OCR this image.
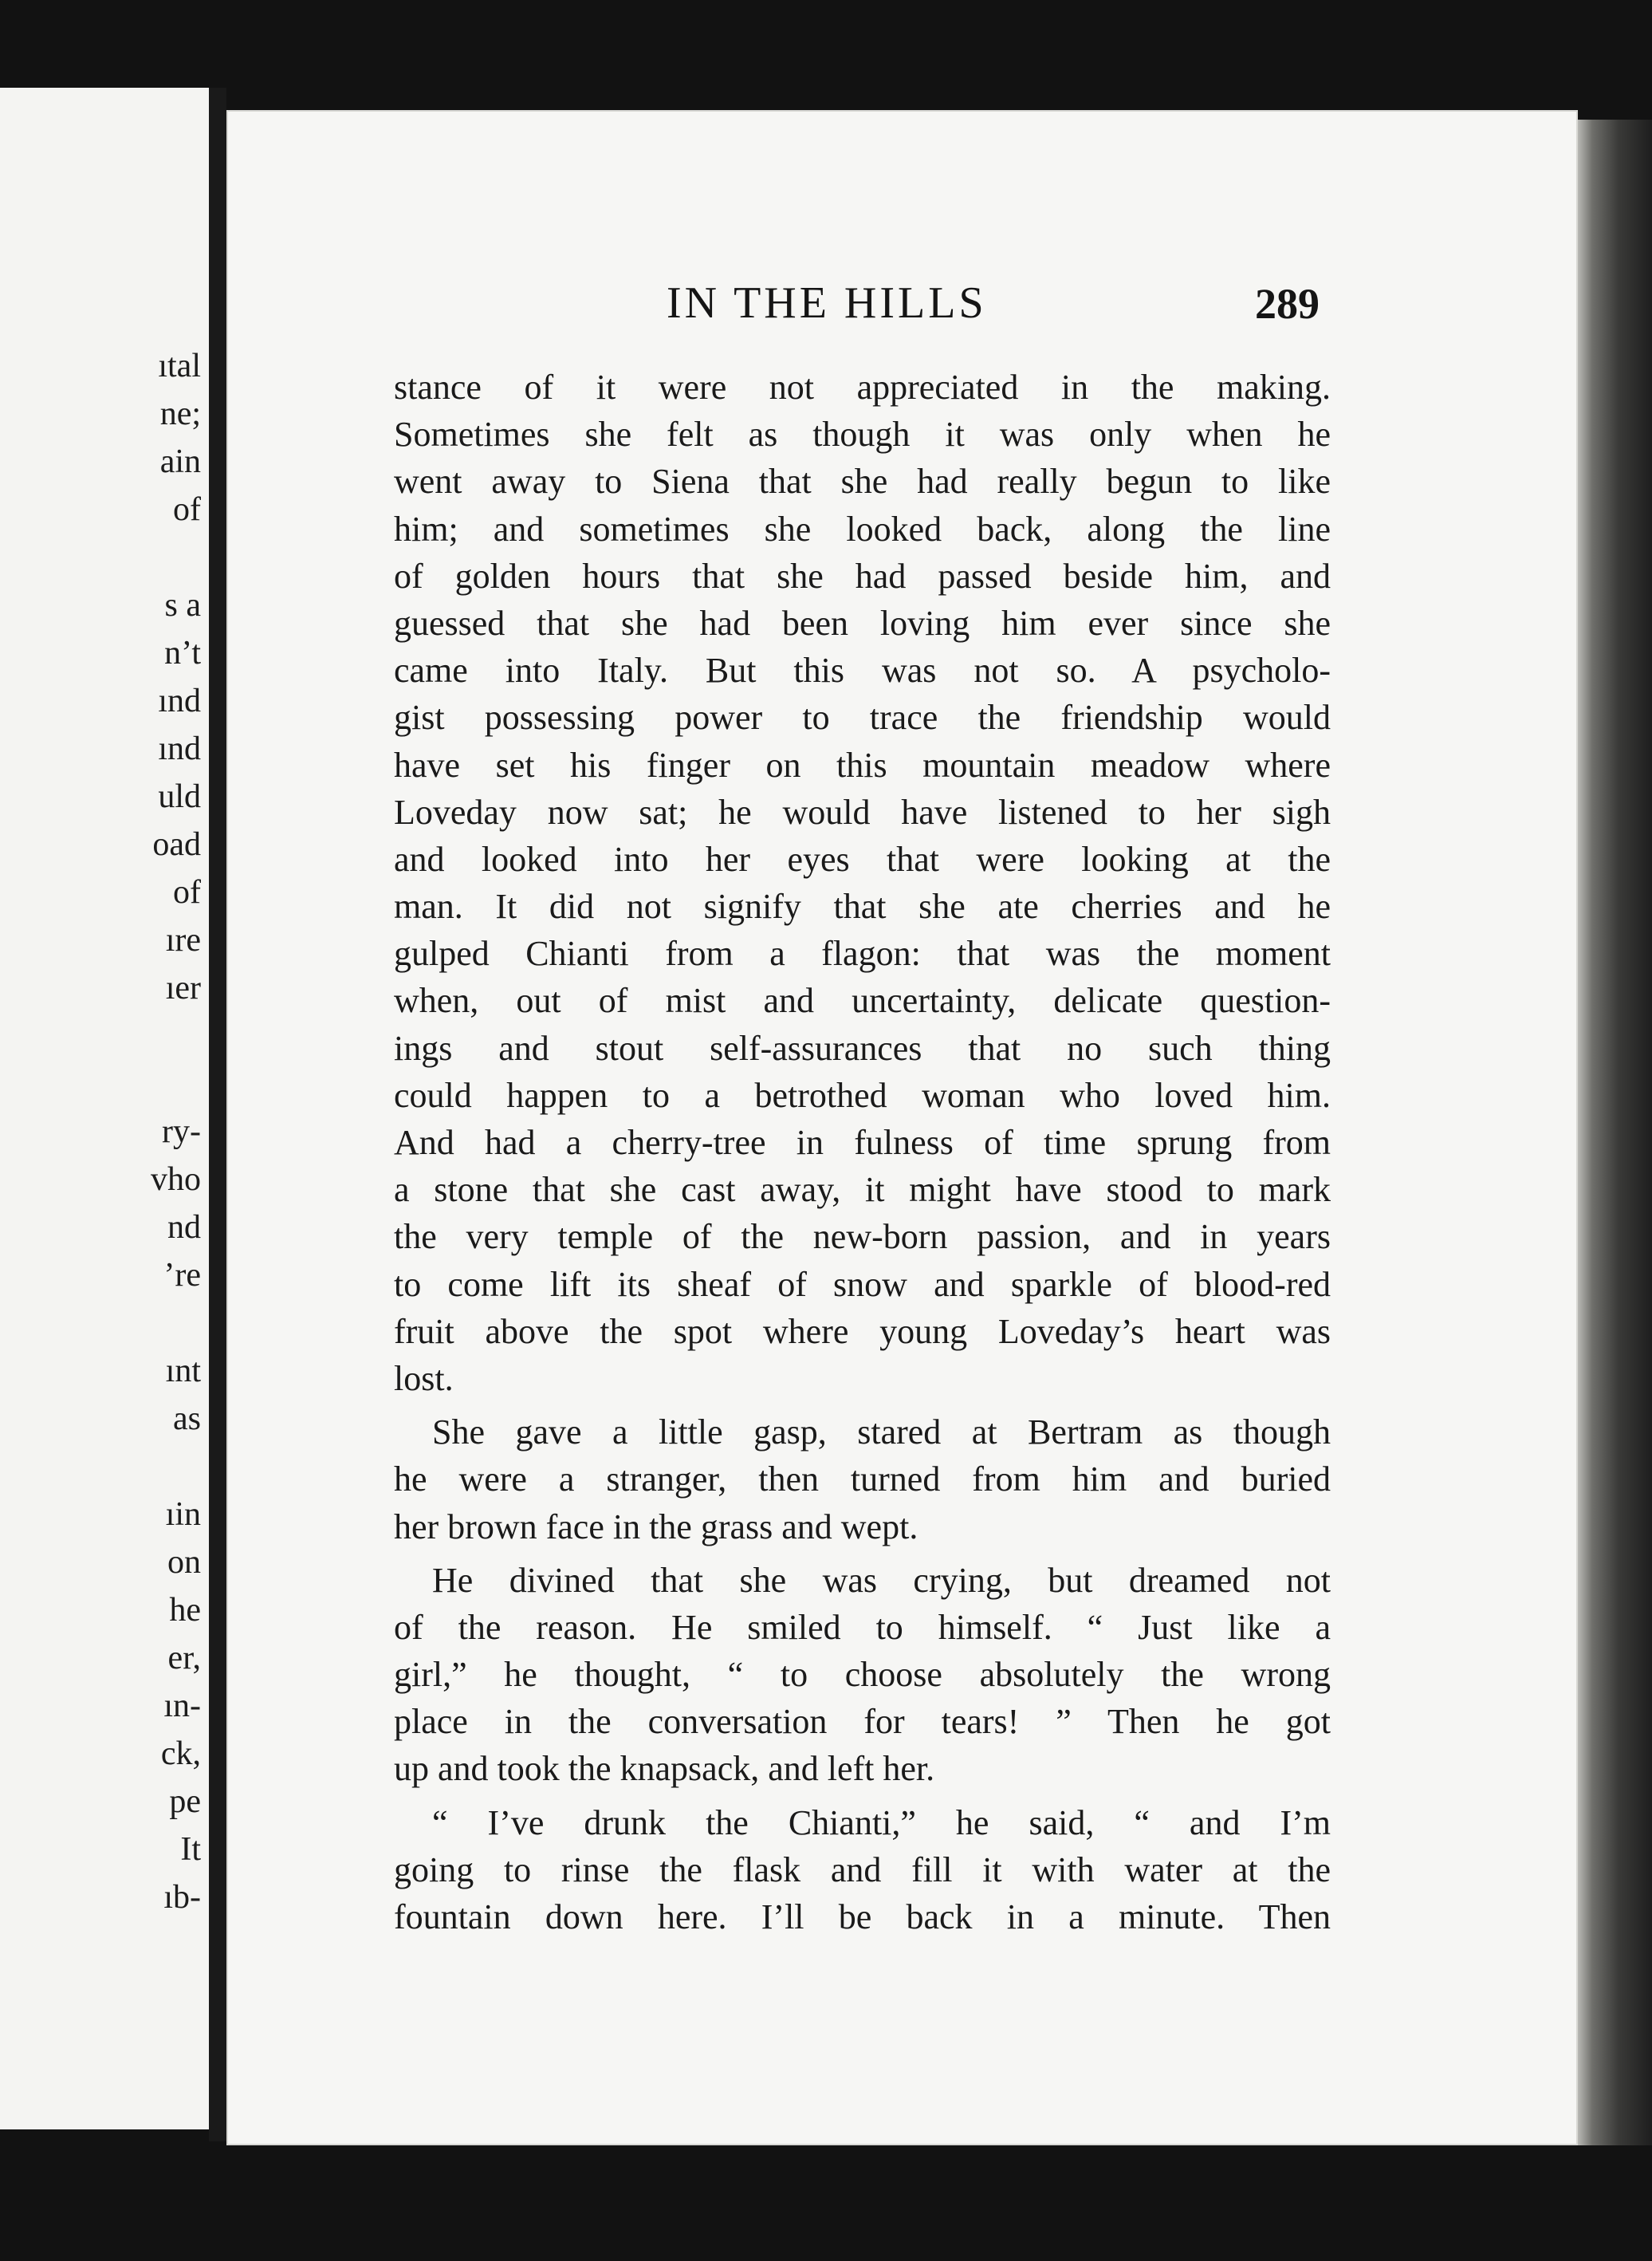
ıtal
ne;
ain
of
s a
n’t
ınd
ınd
uld
oad
of
ıre
ıer
ry-
vho
nd
’re
ınt
as
ıin
on
he
er,
ın-
ck,
pe
It
ıb-
IN THE HILLS	289
stance of it were not appreciated in the making.
Sometimes she felt as though it was only when he
went away to Siena that she had really begun to like
him; and sometimes she looked back, along the line
of golden hours that she had passed beside him, and
guessed that she had been loving him ever since she
came into Italy. But this was not so. A psycholo-
gist possessing power to trace the friendship would
have set his finger on this mountain meadow where
Loveday now sat; he would have listened to her sigh
and looked into her eyes that were looking at the
man. It did not signify that she ate cherries and he
gulped Chianti from a flagon: that was the moment
when, out of mist and uncertainty, delicate question-
ings and stout self-assurances that no such thing
could happen to a betrothed woman who loved him.
And had a cherry-tree in fulness of time sprung from
a stone that she cast away, it might have stood to mark
the very temple of the new-born passion, and in years
to come lift its sheaf of snow and sparkle of blood-red
fruit above the spot where young Loveday’s heart was
lost.
She gave a little gasp, stared at Bertram as though
he were a stranger, then turned from him and buried
her brown face in the grass and wept.
He divined that she was crying, but dreamed not
of the reason. He smiled to himself. “ Just like a
girl,” he thought, “ to choose absolutely the wrong
place in the conversation for tears! ” Then he got
up and took the knapsack, and left her.
“ I’ve drunk the Chianti,” he said, “ and I’m
going to rinse the flask and fill it with water at the
fountain down here. I’ll be back in a minute. Then
